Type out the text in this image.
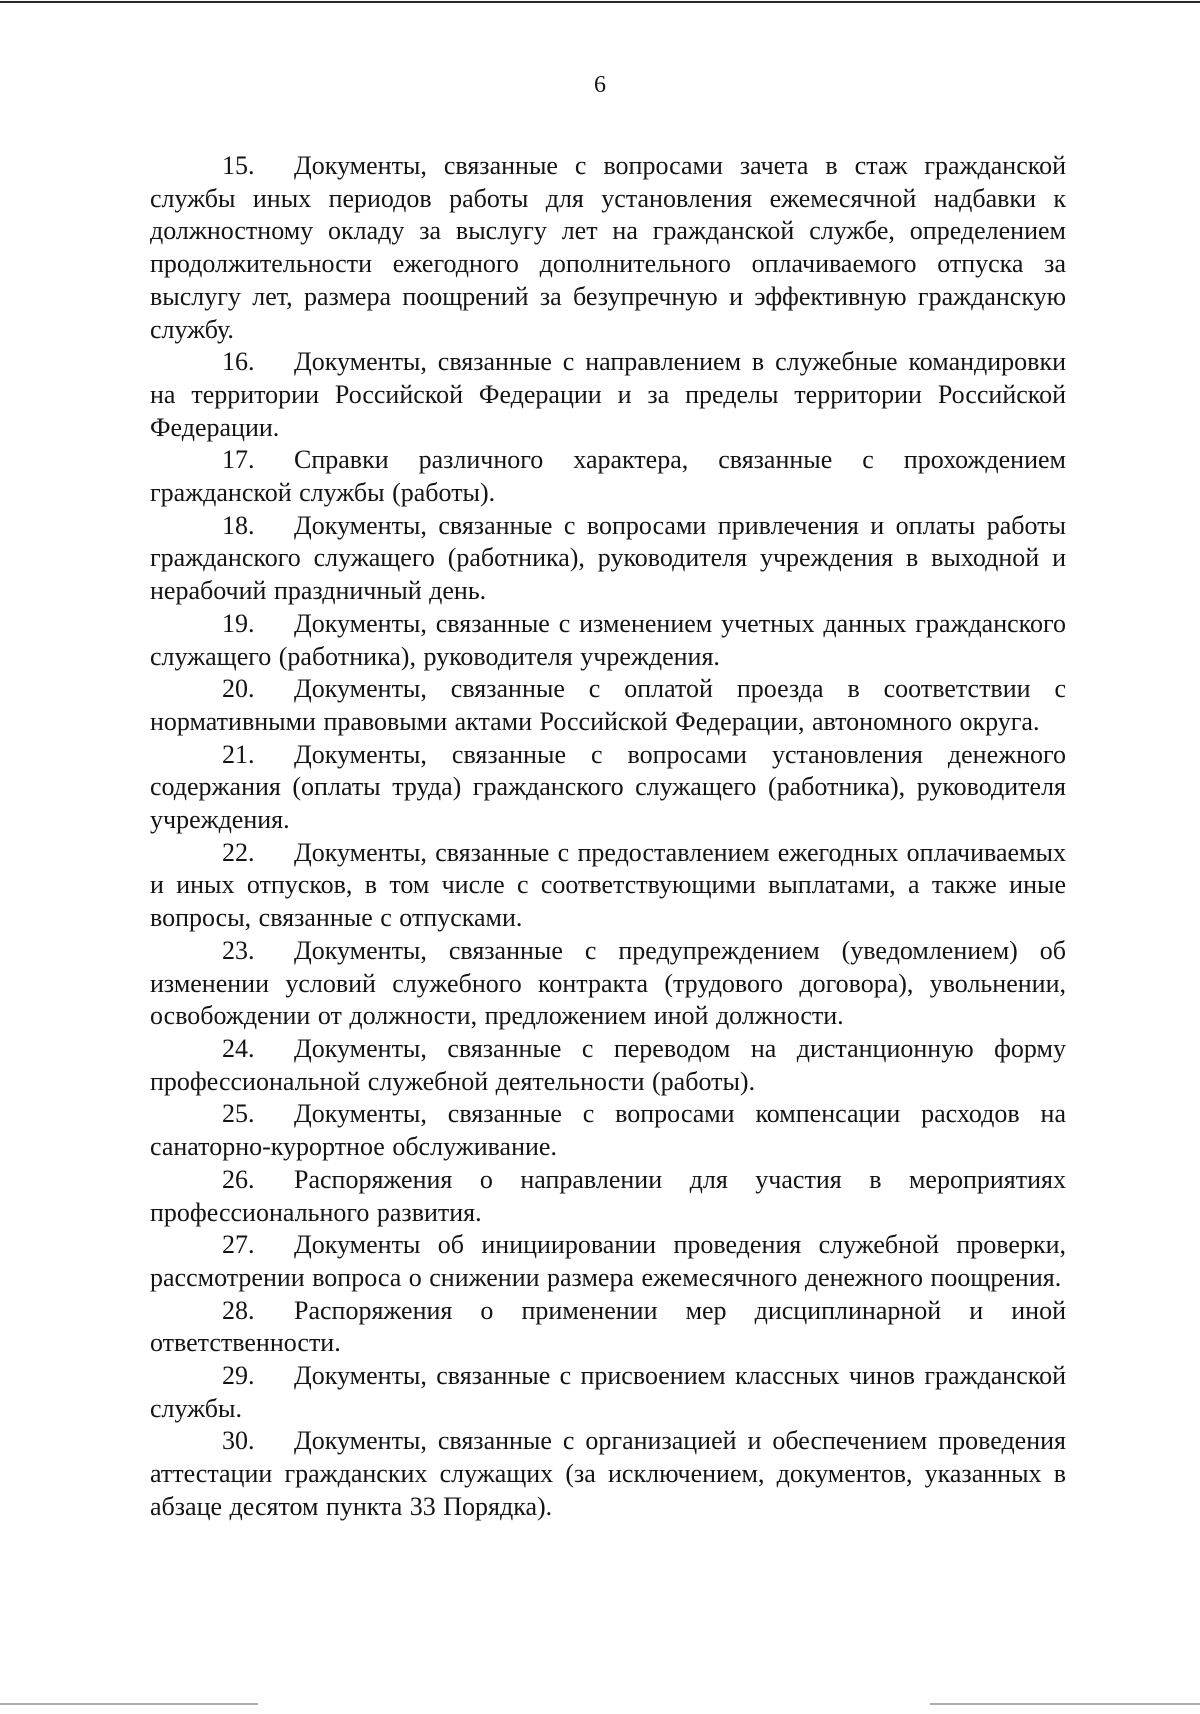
6

15. Документы, связанные с вопросами зачета в стаж гражданской службы иных периодов работы для установления ежемесячной надбавки к должностному окладу за выслугу лет на гражданской службе, определением продолжительности ежегодного дополнительного оплачиваемого отпуска за выслугу лет, размера поощрений за безупречную и эффективную гражданскую службу.

16. Документы, связанные с направлением в служебные командировки на территории Российской Федерации и за пределы территории Российской Федерации.

17. Справки различного характера, связанные с прохождением гражданской службы (работы).

18. Документы, связанные с вопросами привлечения и оплаты работы гражданского служащего (работника), руководителя учреждения в выходной и нерабочий праздничный день.

19. Документы, связанные с изменением учетных данных гражданского служащего (работника), руководителя учреждения.

20. Документы, связанные с оплатой проезда в соответствии с нормативными правовыми актами Российской Федерации, автономного округа.

21. Документы, связанные с вопросами установления денежного содержания (оплаты труда) гражданского служащего (работника), руководителя учреждения.

22. Документы, связанные с предоставлением ежегодных оплачиваемых и иных отпусков, в том числе с соответствующими выплатами, а также иные вопросы, связанные с отпусками.

23. Документы, связанные с предупреждением (уведомлением) об изменении условий служебного контракта (трудового договора), увольнении, освобождении от должности, предложением иной должности.

24. Документы, связанные с переводом на дистанционную форму профессиональной служебной деятельности (работы).

25. Документы, связанные с вопросами компенсации расходов на санаторно-курортное обслуживание.

26. Распоряжения о направлении для участия в мероприятиях профессионального развития.

27. Документы об инициировании проведения служебной проверки, рассмотрении вопроса о снижении размера ежемесячного денежного поощрения.

28. Распоряжения о применении мер дисциплинарной и иной ответственности.

29. Документы, связанные с присвоением классных чинов гражданской службы.

30. Документы, связанные с организацией и обеспечением проведения аттестации гражданских служащих (за исключением, документов, указанных в абзаце десятом пункта 33 Порядка).
